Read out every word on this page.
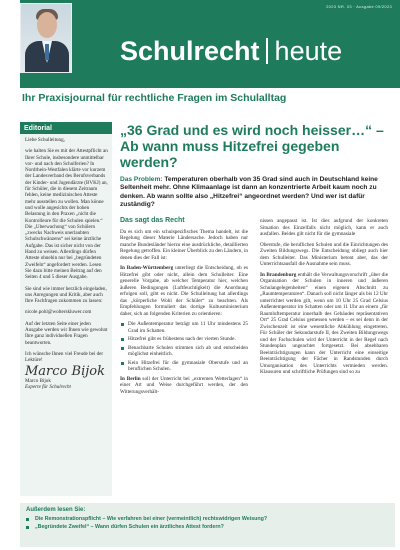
2023 NR. 03 · Ausgabe 09/2023
Schulrecht heute
Ihr Praxisjournal für rechtliche Fragen im Schulalltag
Editorial

Liebe Schulleitung,

wie halten Sie es mit der Attestpflicht an Ihrer Schule, insbesondere unmittelbar vor- und nach den Schulferien? In Nordrhein-Westfalen klärte vor kurzem der Landesverband des Berufsverbands der Kinder- und Jugendärzte (BVKJ) an, für Schüler, die in diesem Zeitraum fehlen, keine medizinischen Atteste mehr ausstellen zu wollen. Man könne und wolle angesichts der hohen Belastung in den Praxen „nicht die Kontrolleure für die Schulen spielen.“ Die „Uberwachung“ von Schülern „zwecks Nachweis unerlaubten Schulschwänzens“ sei keine ärztliche Aufgabe. Das ist sicher nicht von der Hand zu weisen. Allerdings dürfen Atteste ohnehin nur bei „begründeten Zweifeln“ angefordert werden. Lesen Sie dazu bitte meinen Beitrag auf den Seiten 4 und 5 dieser Ausgabe.

Sie sind wie immer herzlich eingeladen, uns Anregungen und Kritik, aber auch Ihre Fachfragen zukommen zu lassen:

nicole.pohl@wolterskluwer.com

Auf der letzten Seite einer jeden Ausgabe werden wir Ihnen wie gewohnt Ihre ganz individuellen Fragen beantworten.

Ich wünsche Ihnen viel Freude bei der Lektüre!

Marco Bijok
Marco Bijok
Experte für Schulrecht
„36 Grad und es wird noch heisser…“ – Ab wann muss Hitzefrei gegeben werden?
Das Problem: Temperaturen oberhalb von 35 Grad sind auch in Deutschland keine Seltenheit mehr. Ohne Klimaanlage ist dann an konzentrierte Arbeit kaum noch zu denken. Ab wann sollte also „Hitzefrei“ angeordnet werden? Und wer ist dafür zuständig?
Das sagt das Recht

Da es sich um ein schulspezifisches Thema handelt, ist die Regelung dieser Materie Ländersache. Jedoch haben nur manche Bundesländer hierzu eine ausdrückliche, detaillierten Regelung getroffen. Ein kleiner Überblick zu den Ländern, in denen dies der Fall ist:

In Baden-Württemberg unterliegt die Entscheidung, ob es Hitzefrei gibt oder nicht, allein dem Schulleiter. Eine generelle Vorgabe, ab welcher Temperatur hier, welchen äußeren Bedingungen (Luftfeuchtigkeit) die Anordnung erfolgen soll, gibt es nicht. Die Schulleitung hat allerdings das „körperliche Wohl der Schüler“ zu beachten. Als Empfehlungen formuliert das dortige Kultusministerium daher, sich an folgenden Kriterien zu orientieren:

Die Außentemperatur beträgt um 11 Uhr mindestens 25 Grad im Schatten.
Hitzefrei gibt es frühestens nach der vierten Stunde.
Benachbarte Schulen stimmen sich ab und entscheiden möglichst einheitlich.
Kein Hitzefrei für die gymnasiale Oberstufe und an beruflichen Schulen.

In Berlin soll der Unterricht bei „extremen Wetterlagen“ in einer Art und Weise durchgeführt werden, der den Witterungsverhält-

nissen angepasst ist. Ist dies aufgrund der konkreten Situation des Einzelfalls nicht möglich, kann er auch ausfallen. Beides gilt nicht für die gymnasiale

Oberstufe, die beruflichen Schulen und die Einrichtungen des Zweiten Bildungswegs. Die Entscheidung obliegt auch hier dem Schulleiter. Das Ministerium betont aber, das der Unterrichtsausfall die Ausnahme sein muss.

In Brandenburg enthält die Verwaltungsvorschrift „über die Organisation der Schulen in inneren und äußeren Schulangelegenheiten“ einen eigenen Abschnitt zu „Raumtemperaturen“. Danach soll nicht länger als bis 12 Uhr unterrichtet werden gilt, wenn um 10 Uhr 25 Grad Celsius Außentemperatur im Schatten oder um 11 Uhr an einem „für Raumluftemperatur innerhalb des Gebäudes repräsentativen Ort“ 25 Grad Celsius gemessen werden – es sei denn in der Zwischenzeit ist eine wesentliche Abkühlung eingetreten. Für Schüler der Sekundarstufe II, des Zweiten Bildungswegs und der Fachschulen wird der Unterricht in der Regel nach Stundenplan ungeachtet fortgesetzt. Bei absehbaren Beeinträchtigungen kann der Unterricht eine einseitige Beeinträchtigung der Fächer in Randstunden durch Umorganisation des Unterrichts vermieden werden. Klausuren und schriftliche Prüfungen sind so zu

Außerdem lesen Sie:
Die Remonstrationspflicht – Wie verfahren bei einer (vermeintlich) rechtswidrigen Weisung?
„Begründete Zweifel“ – Wann dürfen Schulen ein ärztliches Attest fordern?
